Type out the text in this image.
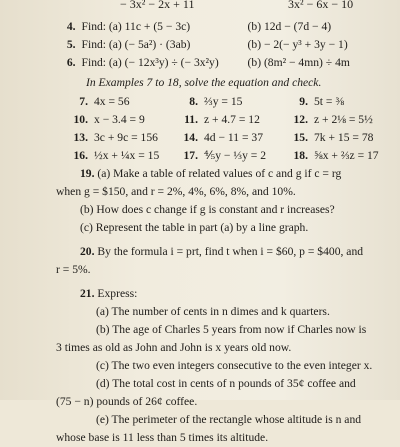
− 3x² − 2x + 11	3x² − 6x − 10
4. Find: (a) 11c + (5 − 3c)	(b) 12d − (7d − 4)
5. Find: (a) (− 5a²) · (3ab)	(b) − 2(− y³ + 3y − 1)
6. Find: (a) (− 12x³y) ÷ (− 3x²y)	(b) (8m² − 4mn) ÷ 4m
In Examples 7 to 18, solve the equation and check.
7. 4x = 56	8. ⅔y = 15	9. 5t = ⅜
10. x − 3.4 = 9	11. z + 4.7 = 12	12. z + 2⅛ = 5½
13. 3c + 9c = 156	14. 4d − 11 = 37	15. 7k + 15 = 78
16. ½x + ¼x = 15	17. ⅘y − ⅓y = 2	18. ⅝x + ⅔z = 17

19. (a) Make a table of related values of c and g if c = rg

when g = $150, and r = 2%, 4%, 6%, 8%, and 10%.

(b) How does c change if g is constant and r increases?

(c) Represent the table in part (a) by a line graph.

20. By the formula i = prt, find t when i = $60, p = $400, and

r = 5%.

21. Express:

(a) The number of cents in n dimes and k quarters.

(b) The age of Charles 5 years from now if Charles now is

3 times as old as John and John is x years old now.

(c) The two even integers consecutive to the even integer x.

(d) The total cost in cents of n pounds of 35¢ coffee and

(75 − n) pounds of 26¢ coffee.

(e) The perimeter of the rectangle whose altitude is n and

whose base is 11 less than 5 times its altitude.
